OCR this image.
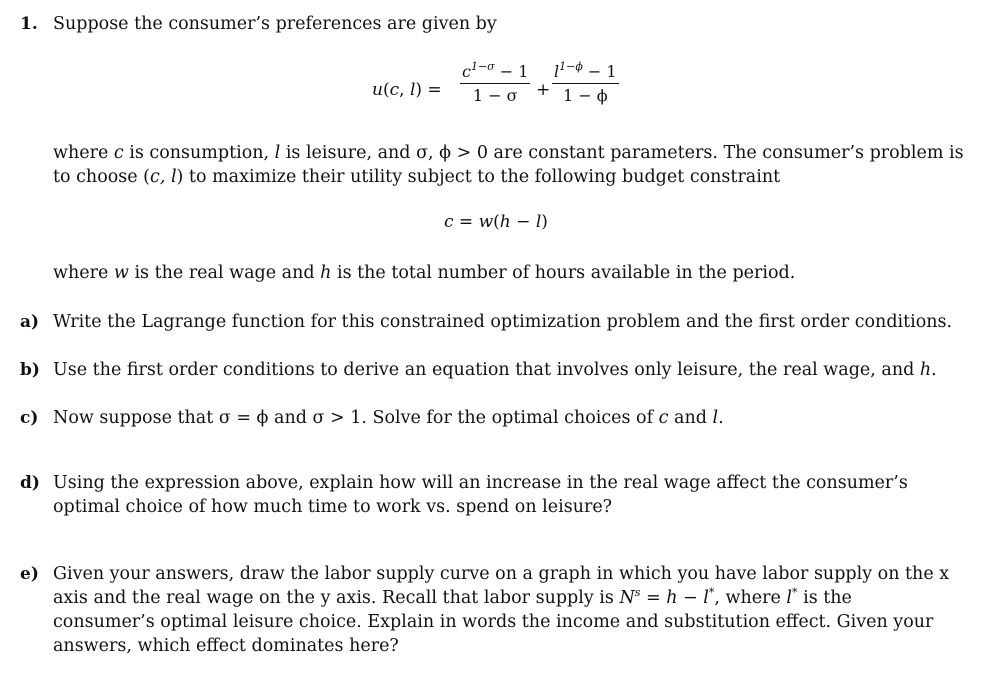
1. Suppose the consumer’s preferences are given by
u(c, $l) = \frac{c^{1-\sigma} - 1}{1 - \sigma} + \frac{l^{1-\phi} - 1}{1 - \phi}$
where c is consumption, l is leisure, and σ, ϕ > 0 are constant parameters. The consumer’s problem is
to choose (c, l) to maximize their utility subject to the following budget constraint
c = w(h − l)
where w is the real wage and h is the total number of hours available in the period.
a) Write the Lagrange function for this constrained optimization problem and the first order conditions.
b) Use the first order conditions to derive an equation that involves only leisure, the real wage, and h.
c) Now suppose that σ = ϕ and σ > 1. Solve for the optimal choices of c and l.
d) Using the expression above, explain how will an increase in the real wage affect the consumer’s
optimal choice of how much time to work vs. spend on leisure?
e) Given your answers, draw the labor supply curve on a graph in which you have labor supply on the x
axis and the real wage on the y axis. Recall that labor supply is $N^s = h - l^*$, where l* is the
consumer’s optimal leisure choice. Explain in words the income and substitution effect. Given your
answers, which effect dominates here?
